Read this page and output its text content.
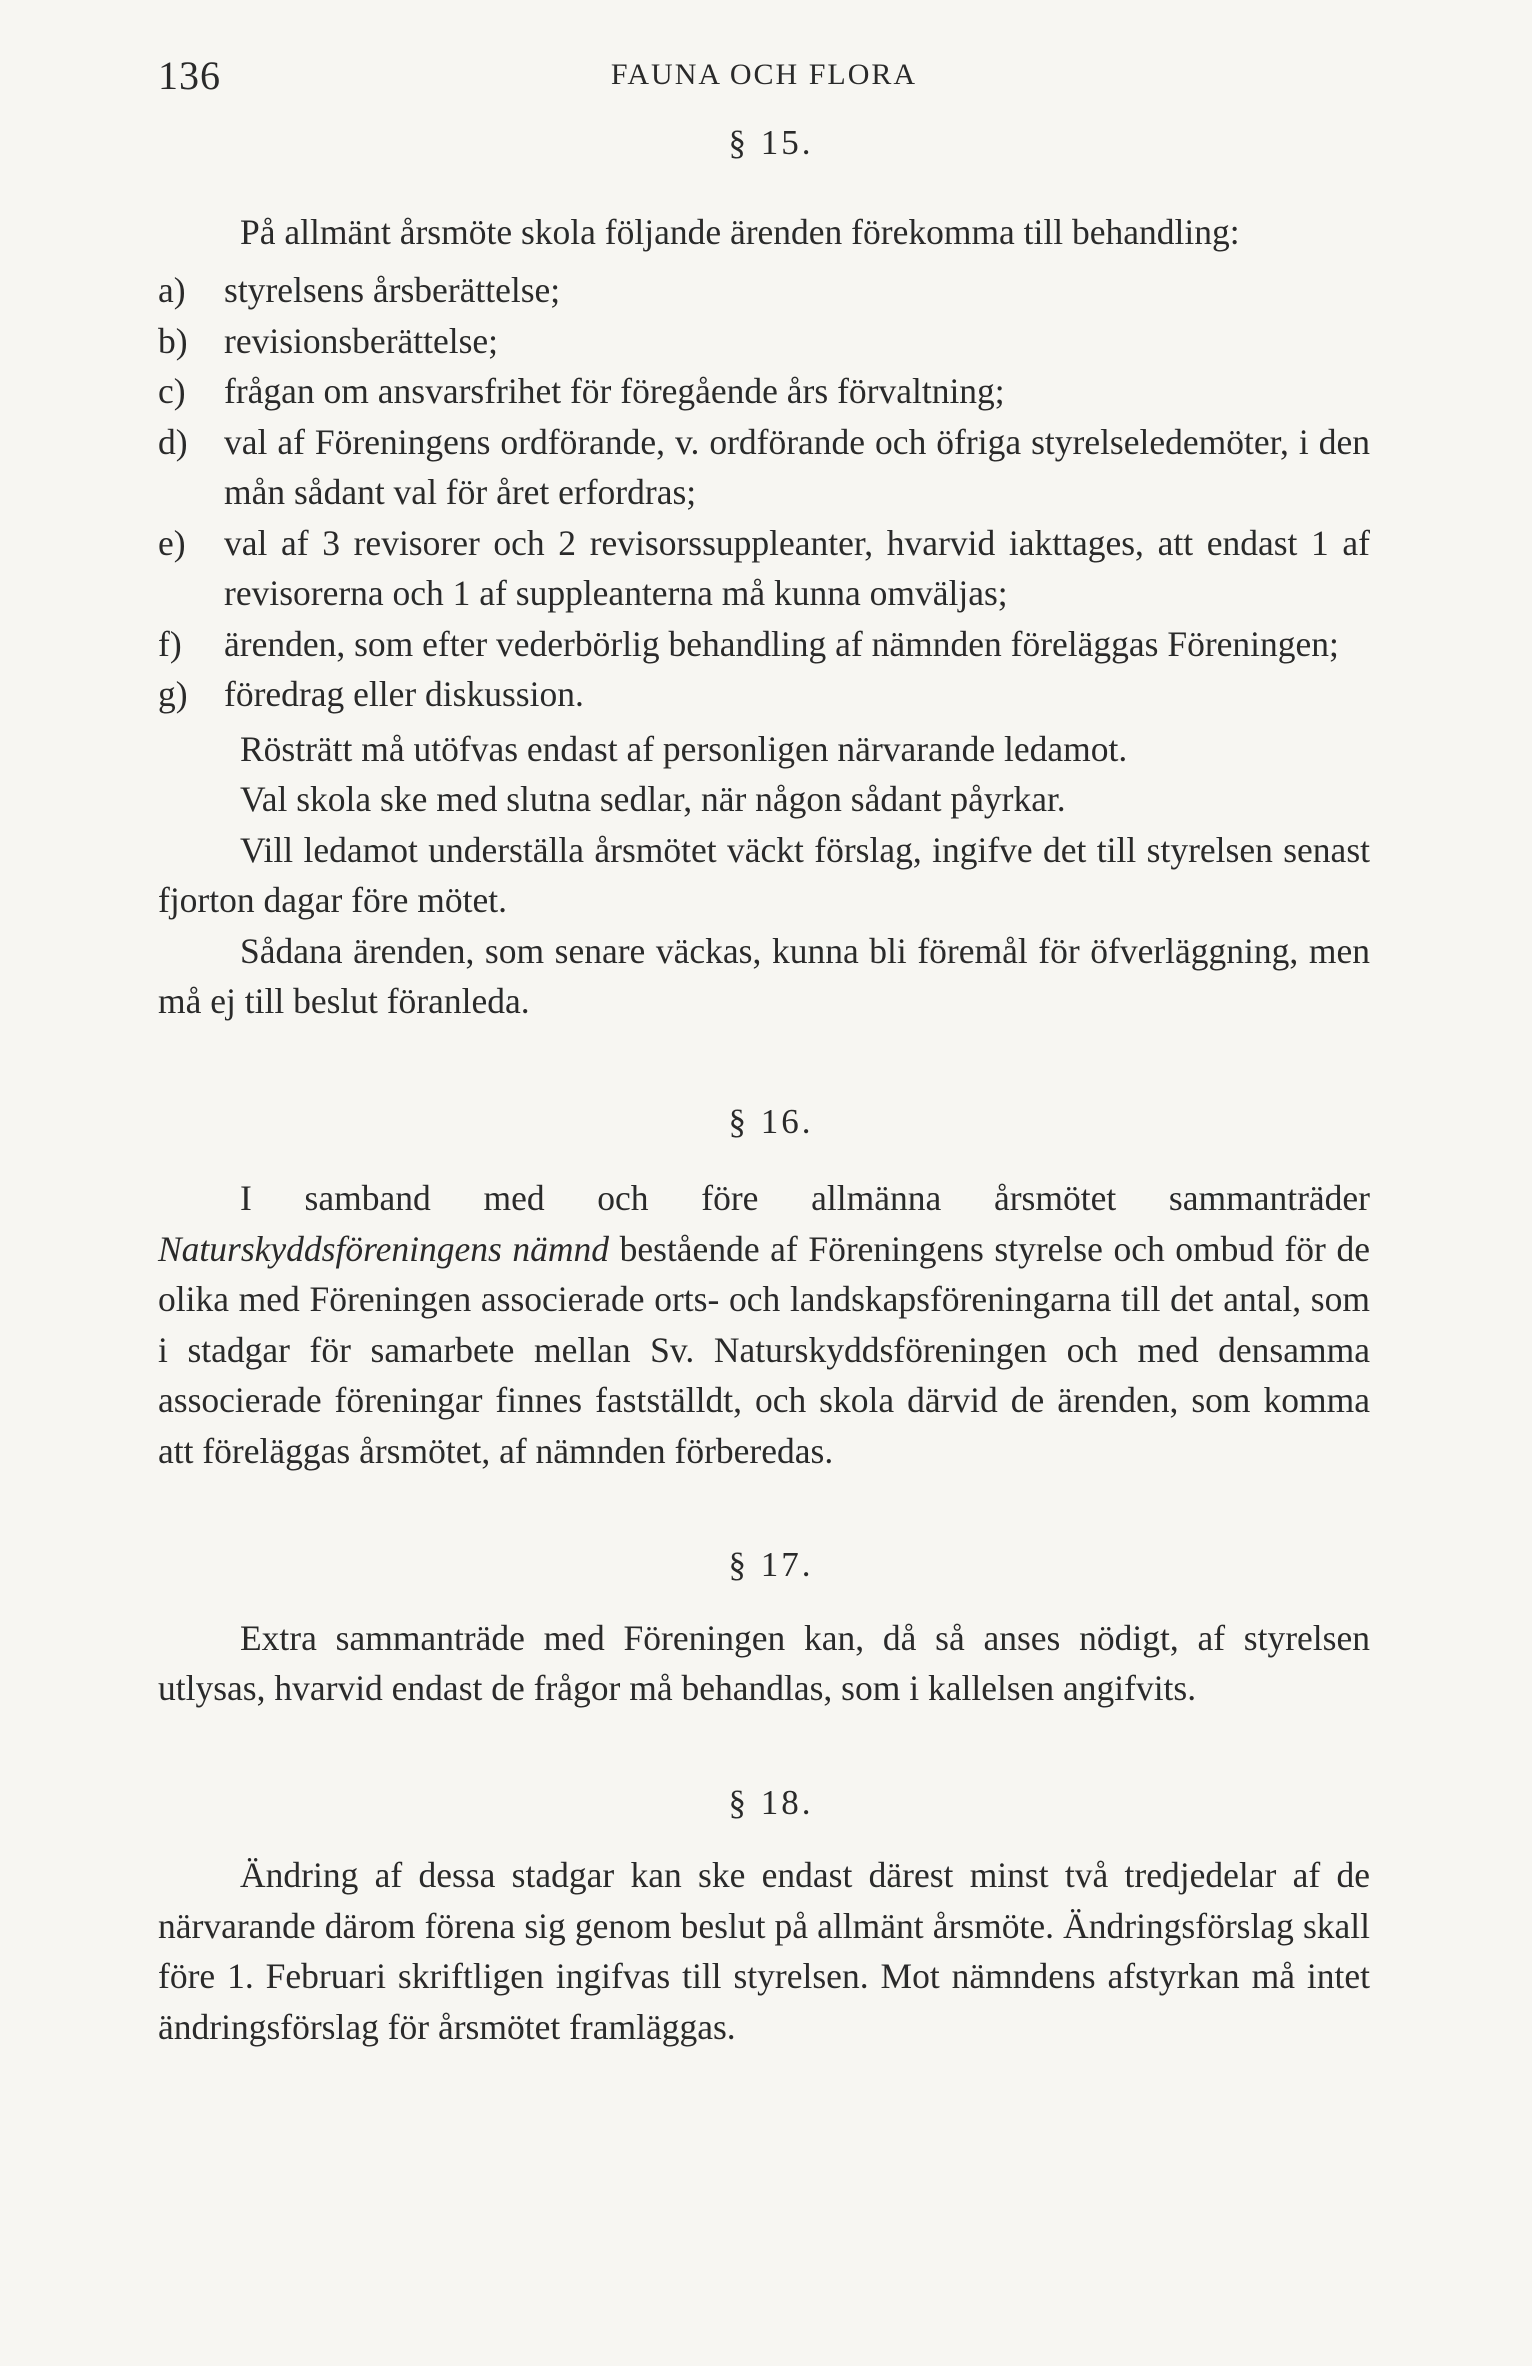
136	FAUNA OCH FLORA
§ 15.

På allmänt årsmöte skola följande ärenden förekomma till behandling:

a)	styrelsens årsberättelse;
b)	revisionsberättelse;
c)	frågan om ansvarsfrihet för föregående års förvaltning;
d)	val af Föreningens ordförande, v. ordförande och öfriga styrelseledemöter, i den mån sådant val för året erfordras;
e)	val af 3 revisorer och 2 revisorssuppleanter, hvarvid iakttages, att endast 1 af revisorerna och 1 af suppleanterna må kunna omväljas;
f)	ärenden, som efter vederbörlig behandling af nämnden föreläggas Föreningen;
g)	föredrag eller diskussion.

Rösträtt må utöfvas endast af personligen närvarande ledamot.

Val skola ske med slutna sedlar, när någon sådant påyrkar.

Vill ledamot underställa årsmötet väckt förslag, ingifve det till styrelsen senast fjorton dagar före mötet.

Sådana ärenden, som senare väckas, kunna bli föremål för öfverläggning, men må ej till beslut föranleda.

§ 16.

I samband med och före allmänna årsmötet sammanträder Naturskyddsföreningens nämnd bestående af Föreningens styrelse och ombud för de olika med Föreningen associerade orts- och landskapsföreningarna till det antal, som i stadgar för samarbete mellan Sv. Naturskyddsföreningen och med densamma associerade föreningar finnes fastställdt, och skola därvid de ärenden, som komma att föreläggas årsmötet, af nämnden förberedas.

§ 17.

Extra sammanträde med Föreningen kan, då så anses nödigt, af styrelsen utlysas, hvarvid endast de frågor må behandlas, som i kallelsen angifvits.

§ 18.

Ändring af dessa stadgar kan ske endast därest minst två tredjedelar af de närvarande därom förena sig genom beslut på allmänt årsmöte. Ändringsförslag skall före 1. Februari skriftligen ingifvas till styrelsen. Mot nämndens afstyrkan må intet ändringsförslag för årsmötet framläggas.
